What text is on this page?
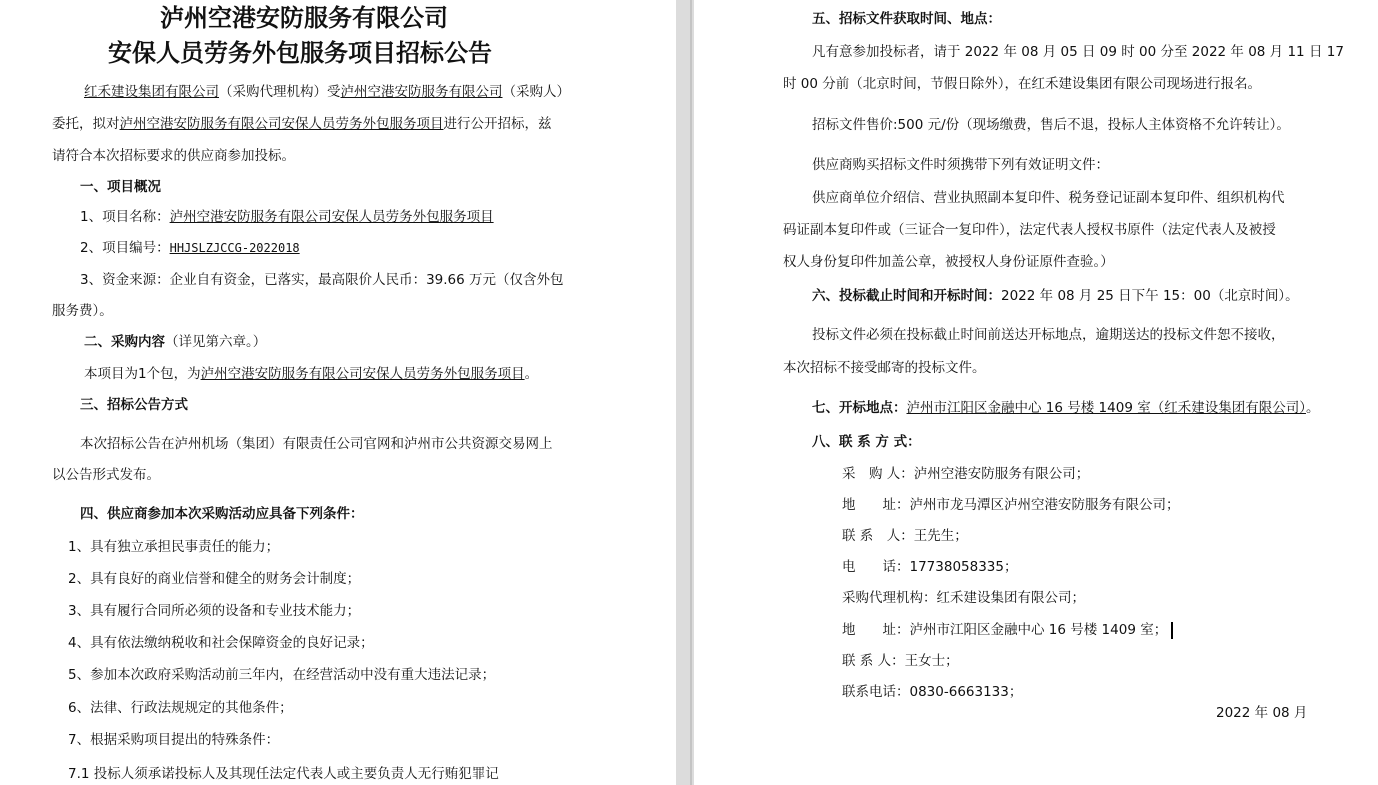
泸州空港安防服务有限公司
安保人员劳务外包服务项目招标公告
红禾建设集团有限公司（采购代理机构）受泸州空港安防服务有限公司（采购人）
委托，拟对泸州空港安防服务有限公司安保人员劳务外包服务项目进行公开招标，兹
请符合本次招标要求的供应商参加投标。
一、项目概况
1、项目名称：泸州空港安防服务有限公司安保人员劳务外包服务项目
2、项目编号：HHJSLZJCCG-2022018
3、资金来源：企业自有资金，已落实，最高限价人民币：39.66 万元（仅含外包
服务费）。
二、采购内容（详见第六章。）
本项目为1个包，为泸州空港安防服务有限公司安保人员劳务外包服务项目。
三、招标公告方式
本次招标公告在泸州机场（集团）有限责任公司官网和泸州市公共资源交易网上
以公告形式发布。
四、供应商参加本次采购活动应具备下列条件：
1、具有独立承担民事责任的能力；
2、具有良好的商业信誉和健全的财务会计制度；
3、具有履行合同所必须的设备和专业技术能力；
4、具有依法缴纳税收和社会保障资金的良好记录；
5、参加本次政府采购活动前三年内，在经营活动中没有重大违法记录；
6、法律、行政法规规定的其他条件；
7、根据采购项目提出的特殊条件：
7.1 投标人须承诺投标人及其现任法定代表人或主要负责人无行贿犯罪记
五、招标文件获取时间、地点：
凡有意参加投标者，请于 2022 年 08 月 05 日 09 时 00 分至 2022 年 08 月 11 日 17
时 00 分前（北京时间，节假日除外），在红禾建设集团有限公司现场进行报名。
招标文件售价:500 元/份（现场缴费，售后不退，投标人主体资格不允许转让）。
供应商购买招标文件时须携带下列有效证明文件：
供应商单位介绍信、营业执照副本复印件、税务登记证副本复印件、组织机构代
码证副本复印件或（三证合一复印件），法定代表人授权书原件（法定代表人及被授
权人身份复印件加盖公章，被授权人身份证原件查验。）
六、投标截止时间和开标时间：2022 年 08 月 25 日下午 15：00（北京时间）。
投标文件必须在投标截止时间前送达开标地点，逾期送达的投标文件恕不接收，
本次招标不接受邮寄的投标文件。
七、开标地点：泸州市江阳区金融中心 16 号楼 1409 室（红禾建设集团有限公司）。
八、联 系 方 式：
采　购 人：泸州空港安防服务有限公司；
地　　址：泸州市龙马潭区泸州空港安防服务有限公司；
联 系　人：王先生；
电　　话：17738058335；
采购代理机构：红禾建设集团有限公司；
地　　址：泸州市江阳区金融中心 16 号楼 1409 室；
联 系 人：王女士；
联系电话：0830-6663133；
2022 年 08 月
